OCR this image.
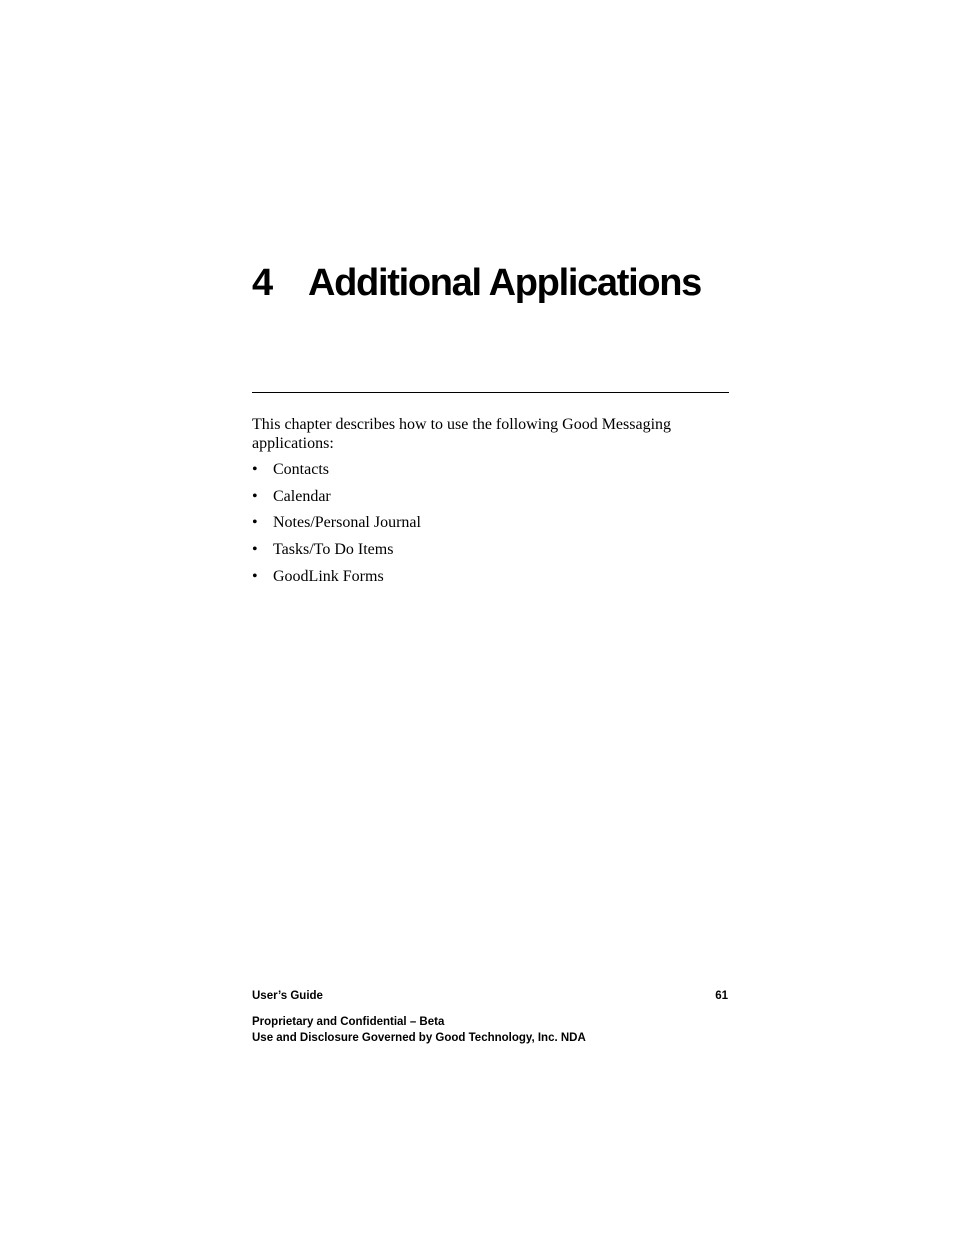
4 Additional Applications

This chapter describes how to use the following Good Messaging applications:

• Contacts
• Calendar
• Notes/Personal Journal
• Tasks/To Do Items
• GoodLink Forms

User’s Guide	61

Proprietary and Confidential – Beta

Use and Disclosure Governed by Good Technology, Inc. NDA
